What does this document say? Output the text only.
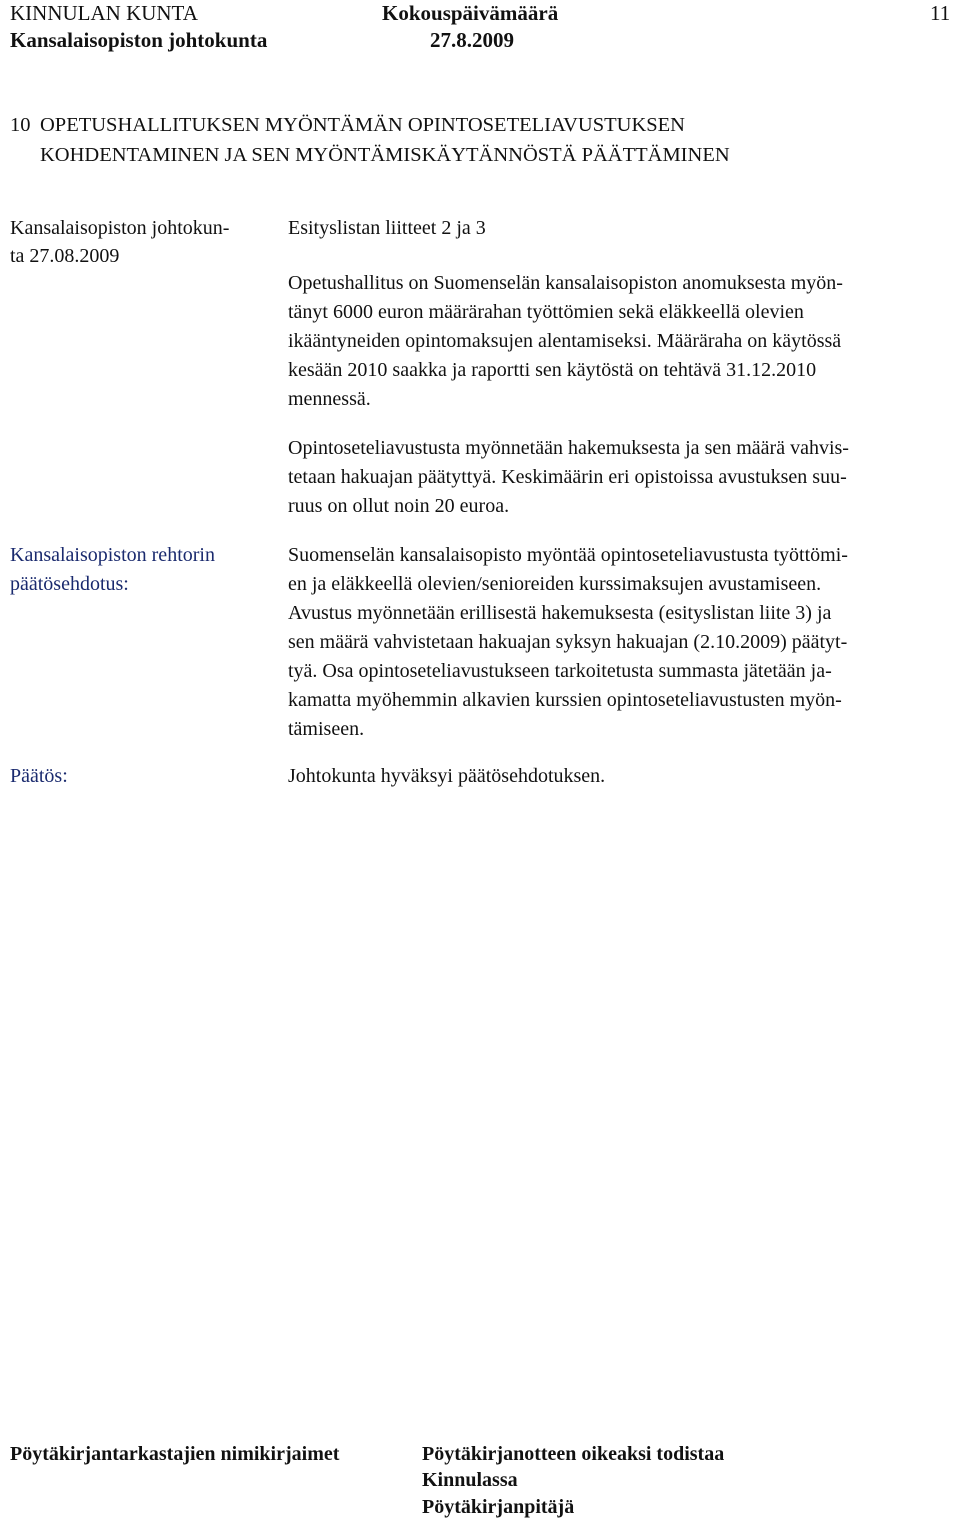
KINNULAN KUNTA
Kansalaisopiston johtokunta
Kokouspäivämäärä
27.8.2009
11
10 OPETUSHALLITUKSEN MYÖNTÄMÄN OPINTOSETELIAVUSTUKSEN
KOHDENTAMINEN JA SEN MYÖNTÄMISKÄYTÄNNÖSTÄ PÄÄTTÄMINEN
Kansalaisopiston johtokun-
ta 27.08.2009
Esityslistan liitteet 2 ja 3
Opetushallitus on Suomenselän kansalaisopiston anomuksesta myön-
tänyt 6000 euron määrärahan työttömien sekä eläkkeellä olevien
ikääntyneiden opintomaksujen alentamiseksi. Määräraha on käytössä
kesään 2010 saakka ja raportti sen käytöstä on tehtävä 31.12.2010
mennessä.
Opintoseteliavustusta myönnetään hakemuksesta ja sen määrä vahvis-
tetaan hakuajan päätyttyä. Keskimäärin eri opistoissa avustuksen suu-
ruus on ollut noin 20 euroa.
Kansalaisopiston rehtorin
päätösehdotus:
Suomenselän kansalaisopisto myöntää opintoseteliavustusta työttömi-
en ja eläkkeellä olevien/senioreiden kurssimaksujen avustamiseen.
Avustus myönnetään erillisestä hakemuksesta (esityslistan liite 3) ja
sen määrä vahvistetaan hakuajan syksyn hakuajan (2.10.2009) päätyt-
tyä. Osa opintoseteliavustukseen tarkoitetusta summasta jätetään ja-
kamatta myöhemmin alkavien kurssien opintoseteliavustusten myön-
tämiseen.
Päätös:	Johtokunta hyväksyi päätösehdotuksen.
Pöytäkirjantarkastajien nimikirjaimet	Pöytäkirjanotteen oikeaksi todistaa
Kinnulassa
Pöytäkirjanpitäjä
